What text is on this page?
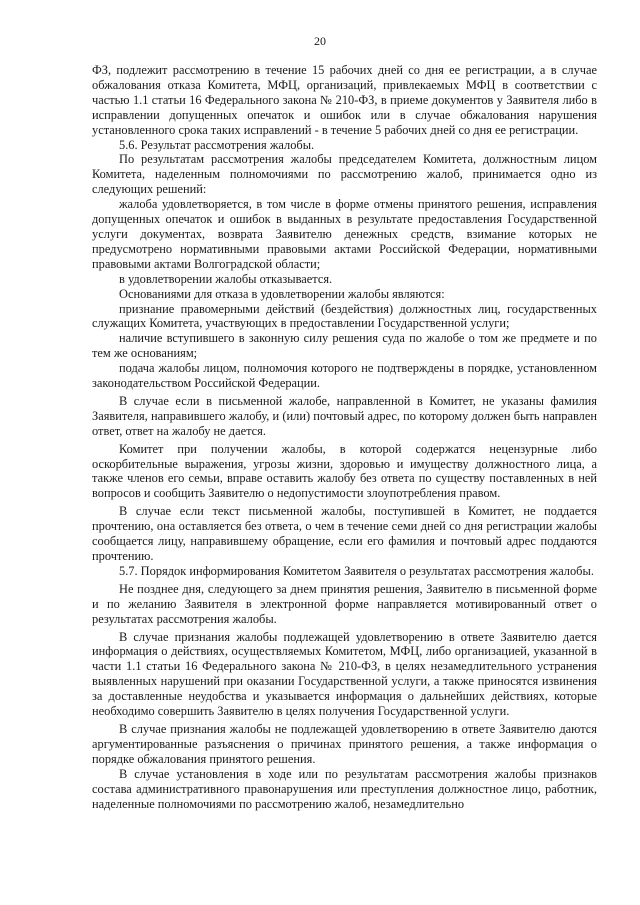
20

ФЗ, подлежит рассмотрению в течение 15 рабочих дней со дня ее регистрации, а в случае обжалования отказа Комитета, МФЦ, организаций, привлекаемых МФЦ в соответствии с частью 1.1 статьи 16 Федерального закона № 210-ФЗ, в приеме документов у Заявителя либо в исправлении допущенных опечаток и ошибок или в случае обжалования нарушения установленного срока таких исправлений - в течение 5 рабочих дней со дня ее регистрации.

5.6. Результат рассмотрения жалобы.

По результатам рассмотрения жалобы председателем Комитета, должностным лицом Комитета, наделенным полномочиями по рассмотрению жалоб, принимается одно из следующих решений:

жалоба удовлетворяется, в том числе в форме отмены принятого решения, исправления допущенных опечаток и ошибок в выданных в результате предоставления Государственной услуги документах, возврата Заявителю денежных средств, взимание которых не предусмотрено нормативными правовыми актами Российской Федерации, нормативными правовыми актами Волгоградской области;

в удовлетворении жалобы отказывается.

Основаниями для отказа в удовлетворении жалобы являются:

признание правомерными действий (бездействия) должностных лиц, государственных служащих Комитета, участвующих в предоставлении Государственной услуги;

наличие вступившего в законную силу решения суда по жалобе о том же предмете и по тем же основаниям;

подача жалобы лицом, полномочия которого не подтверждены в порядке, установленном законодательством Российской Федерации.

В случае если в письменной жалобе, направленной в Комитет, не указаны фамилия Заявителя, направившего жалобу, и (или) почтовый адрес, по которому должен быть направлен ответ, ответ на жалобу не дается.

Комитет при получении жалобы, в которой содержатся нецензурные либо оскорбительные выражения, угрозы жизни, здоровью и имуществу должностного лица, а также членов его семьи, вправе оставить жалобу без ответа по существу поставленных в ней вопросов и сообщить Заявителю о недопустимости злоупотребления правом.

В случае если текст письменной жалобы, поступившей в Комитет, не поддается прочтению, она оставляется без ответа, о чем в течение семи дней со дня регистрации жалобы сообщается лицу, направившему обращение, если его фамилия и почтовый адрес поддаются прочтению.

5.7. Порядок информирования Комитетом Заявителя о результатах рассмотрения жалобы.

Не позднее дня, следующего за днем принятия решения, Заявителю в письменной форме и по желанию Заявителя в электронной форме направляется мотивированный ответ о результатах рассмотрения жалобы.

В случае признания жалобы подлежащей удовлетворению в ответе Заявителю дается информация о действиях, осуществляемых Комитетом, МФЦ, либо организацией, указанной в части 1.1 статьи 16 Федерального закона № 210-ФЗ, в целях незамедлительного устранения выявленных нарушений при оказании Государственной услуги, а также приносятся извинения за доставленные неудобства и указывается информация о дальнейших действиях, которые необходимо совершить Заявителю в целях получения Государственной услуги.

В случае признания жалобы не подлежащей удовлетворению в ответе Заявителю даются аргументированные разъяснения о причинах принятого решения, а также информация о порядке обжалования принятого решения.

В случае установления в ходе или по результатам рассмотрения жалобы признаков состава административного правонарушения или преступления должностное лицо, работник, наделенные полномочиями по рассмотрению жалоб, незамедлительно
